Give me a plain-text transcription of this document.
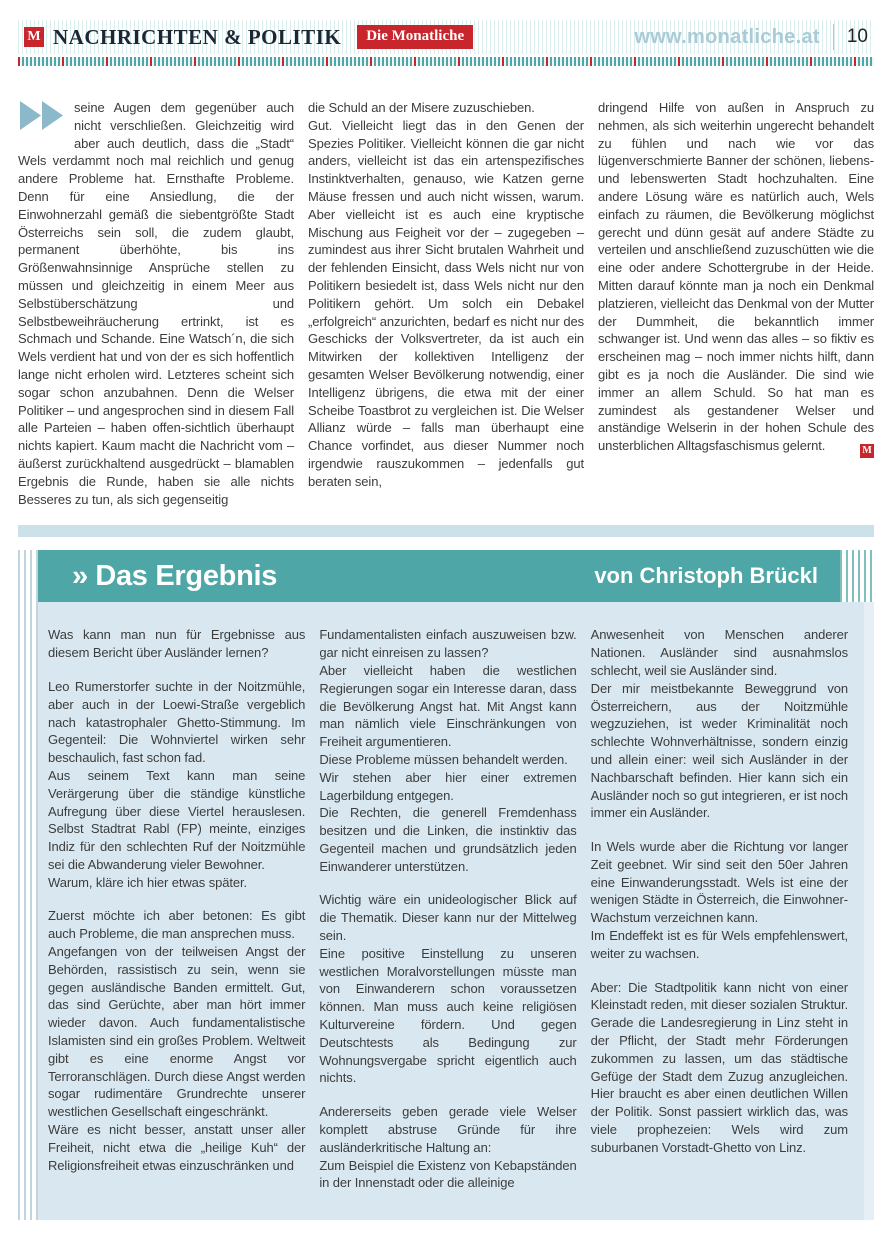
M NACHRICHTEN & POLITIK	Die Monatliche	www.monatliche.at 10

seine Augen dem gegenüber auch nicht verschließen. Gleichzeitig wird aber auch deutlich, dass die „Stadt“ Wels verdammt noch mal reichlich und genug andere Probleme hat. Ernsthafte Probleme. Denn für eine Ansiedlung, die der Einwohnerzahl gemäß die siebentgrößte Stadt Österreichs sein soll, die zudem glaubt, permanent überhöhte, bis ins Größenwahnsinnige Ansprüche stellen zu müssen und gleichzeitig in einem Meer aus Selbstüberschätzung und Selbstbeweihräucherung ertrinkt, ist es Schmach und Schande. Eine Watsch´n, die sich Wels verdient hat und von der es sich hoffentlich lange nicht erholen wird. Letzteres scheint sich sogar schon anzubahnen. Denn die Welser Politiker – und angesprochen sind in diesem Fall alle Parteien – haben offen-sichtlich überhaupt nichts kapiert. Kaum macht die Nachricht vom – äußerst zurückhaltend ausgedrückt – blamablen Ergebnis die Runde, haben sie alle nichts Besseres zu tun, als sich gegenseitig

die Schuld an der Misere zuzuschieben.

Gut. Vielleicht liegt das in den Genen der Spezies Politiker. Vielleicht können die gar nicht anders, vielleicht ist das ein artenspezifisches Instinktverhalten, genauso, wie Katzen gerne Mäuse fressen und auch nicht wissen, warum. Aber vielleicht ist es auch eine kryptische Mischung aus Feigheit vor der – zugegeben – zumindest aus ihrer Sicht brutalen Wahrheit und der fehlenden Einsicht, dass Wels nicht nur von Politikern besiedelt ist, dass Wels nicht nur den Politikern gehört. Um solch ein Debakel „erfolgreich“ anzurichten, bedarf es nicht nur des Geschicks der Volksvertreter, da ist auch ein Mitwirken der kollektiven Intelligenz der gesamten Welser Bevölkerung notwendig, einer Intelligenz übrigens, die etwa mit der einer Scheibe Toastbrot zu vergleichen ist. Die Welser Allianz würde – falls man überhaupt eine Chance vorfindet, aus dieser Nummer noch irgendwie rauszukommen – jedenfalls gut beraten sein,

dringend Hilfe von außen in Anspruch zu nehmen, als sich weiterhin ungerecht behandelt zu fühlen und nach wie vor das lügenverschmierte Banner der schönen, liebens- und lebenswerten Stadt hochzuhalten. Eine andere Lösung wäre es natürlich auch, Wels einfach zu räumen, die Bevölkerung möglichst gerecht und dünn gesät auf andere Städte zu verteilen und anschließend zuzuschütten wie die eine oder andere Schottergrube in der Heide. Mitten darauf könnte man ja noch ein Denkmal platzieren, vielleicht das Denkmal von der Mutter der Dummheit, die bekanntlich immer schwanger ist. Und wenn das alles – so fiktiv es erscheinen mag – noch immer nichts hilft, dann gibt es ja noch die Ausländer. Die sind wie immer an allem Schuld. So hat man es zumindest als gestandener Welser und anständige Welserin in der hohen Schule des unsterblichen Alltagsfaschismus gelernt.	M
›› Das Ergebnis	von Christoph Brückl

Was kann man nun für Ergebnisse aus diesem Bericht über Ausländer lernen?

Leo Rumerstorfer suchte in der Noitzmühle, aber auch in der Loewi-Straße vergeblich nach katastrophaler Ghetto-Stimmung. Im Gegenteil: Die Wohnviertel wirken sehr beschaulich, fast schon fad.

Aus seinem Text kann man seine Verärgerung über die ständige künstliche Aufregung über diese Viertel herauslesen. Selbst Stadtrat Rabl (FP) meinte, einziges Indiz für den schlechten Ruf der Noitzmühle sei die Abwanderung vieler Bewohner.

Warum, kläre ich hier etwas später.

Zuerst möchte ich aber betonen: Es gibt auch Probleme, die man ansprechen muss.

Angefangen von der teilweisen Angst der Behörden, rassistisch zu sein, wenn sie gegen ausländische Banden ermittelt. Gut, das sind Gerüchte, aber man hört immer wieder davon. Auch fundamentalistische Islamisten sind ein großes Problem. Weltweit gibt es eine enorme Angst vor Terroranschlägen. Durch diese Angst werden sogar rudimentäre Grundrechte unserer westlichen Gesellschaft eingeschränkt.

Wäre es nicht besser, anstatt unser aller Freiheit, nicht etwa die „heilige Kuh“ der Religionsfreiheit etwas einzuschränken und

Fundamentalisten einfach auszuweisen bzw. gar nicht einreisen zu lassen?

Aber vielleicht haben die westlichen Regierungen sogar ein Interesse daran, dass die Bevölkerung Angst hat. Mit Angst kann man nämlich viele Einschränkungen von Freiheit argumentieren.

Diese Probleme müssen behandelt werden.

Wir stehen aber hier einer extremen Lagerbildung entgegen.

Die Rechten, die generell Fremdenhass besitzen und die Linken, die instinktiv das Gegenteil machen und grundsätzlich jeden Einwanderer unterstützen.

Wichtig wäre ein unideologischer Blick auf die Thematik. Dieser kann nur der Mittelweg sein.

Eine positive Einstellung zu unseren westlichen Moralvorstellungen müsste man von Einwanderern schon voraussetzen können. Man muss auch keine religiösen Kulturvereine fördern. Und gegen Deutschtests als Bedingung zur Wohnungsvergabe spricht eigentlich auch nichts.

Andererseits geben gerade viele Welser komplett abstruse Gründe für ihre ausländerkritische Haltung an:

Zum Beispiel die Existenz von Kebapständen in der Innenstadt oder die alleinige

Anwesenheit von Menschen anderer Nationen. Ausländer sind ausnahmslos schlecht, weil sie Ausländer sind.

Der mir meistbekannte Beweggrund von Österreichern, aus der Noitzmühle wegzuziehen, ist weder Kriminalität noch schlechte Wohnverhältnisse, sondern einzig und allein einer: weil sich Ausländer in der Nachbarschaft befinden. Hier kann sich ein Ausländer noch so gut integrieren, er ist noch immer ein Ausländer.

In Wels wurde aber die Richtung vor langer Zeit geebnet. Wir sind seit den 50er Jahren eine Einwanderungsstadt. Wels ist eine der wenigen Städte in Österreich, die Einwohner-Wachstum verzeichnen kann.

Im Endeffekt ist es für Wels empfehlenswert, weiter zu wachsen.

Aber: Die Stadtpolitik kann nicht von einer Kleinstadt reden, mit dieser sozialen Struktur. Gerade die Landesregierung in Linz steht in der Pflicht, der Stadt mehr Förderungen zukommen zu lassen, um das städtische Gefüge der Stadt dem Zuzug anzugleichen. Hier braucht es aber einen deutlichen Willen der Politik. Sonst passiert wirklich das, was viele prophezeien: Wels wird zum suburbanen Vorstadt-Ghetto von Linz.
